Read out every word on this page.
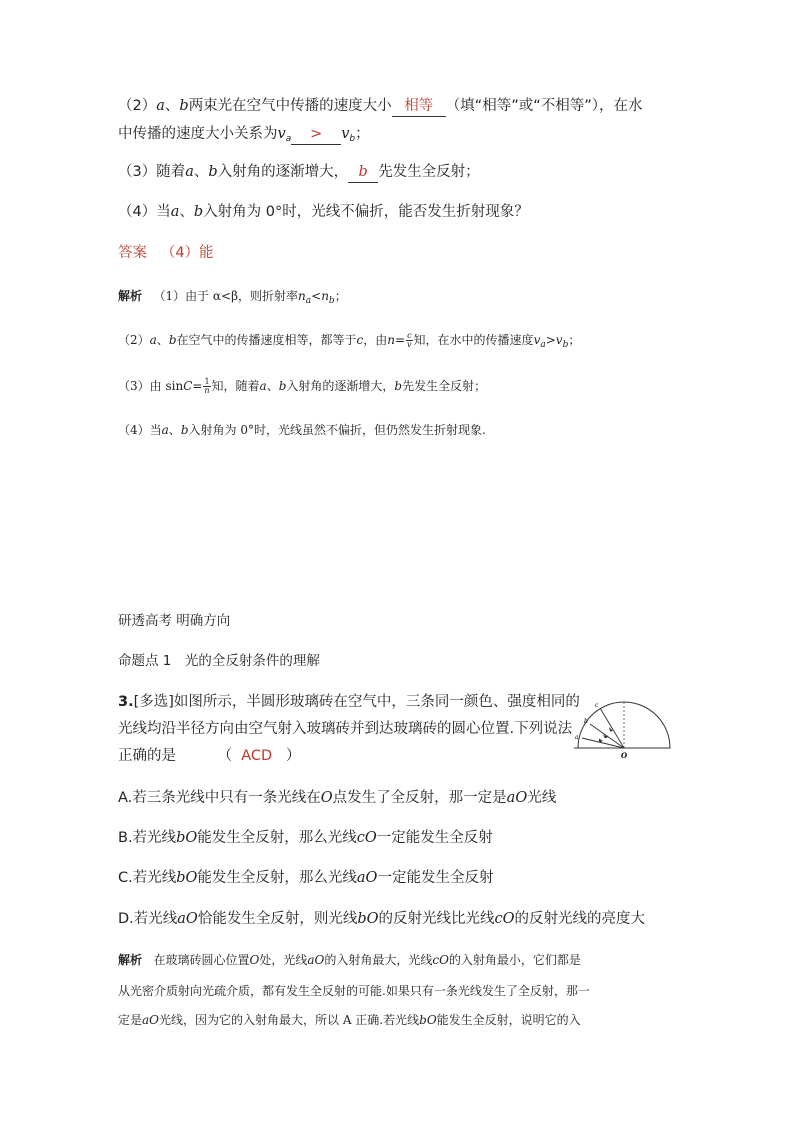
（2）a、b两束光在空气中传播的速度大小 相等 （填“相等”或“不相等”），在水
中传播的速度大小关系为$v_a > v_b$；
（3）随着a、b入射角的逐渐增大， b 先发生全反射；
（4）当a、b入射角为 0°时，光线不偏折，能否发生折射现象？
答案 （4）能
解析 （1）由于 α<β，则折射率$n_a<n_b$；
（2）a、b在空气中的传播速度相等，都等于c，由$n= \frac{c}{v}$ 知，在水中的传播速度$v_a>v_b$；
（3）由 $\sin C= \frac{1}{n}$ 知，随着a、b入射角的逐渐增大，b先发生全反射；
（4）当a、b入射角为 0°时，光线虽然不偏折，但仍然发生折射现象.
研透高考 明确方向
命题点 1　光的全反射条件的理解
3.[多选]如图所示，半圆形玻璃砖在空气中，三条同一颜色、强度相同的
光线均沿半径方向由空气射入玻璃砖并到达玻璃砖的圆心位置.下列说法
正确的是	（ ACD ）
a
b
c
O
A.若三条光线中只有一条光线在O点发生了全反射，那一定是aO光线
B.若光线bO能发生全反射，那么光线cO一定能发生全反射
C.若光线bO能发生全反射，那么光线aO一定能发生全反射
D.若光线aO恰能发生全反射，则光线bO的反射光线比光线cO的反射光线的亮度大
解析 在玻璃砖圆心位置O处，光线aO的入射角最大，光线cO的入射角最小，它们都是
从光密介质射向光疏介质，都有发生全反射的可能.如果只有一条光线发生了全反射，那一
定是aO光线，因为它的入射角最大，所以 A 正确.若光线bO能发生全反射，说明它的入
